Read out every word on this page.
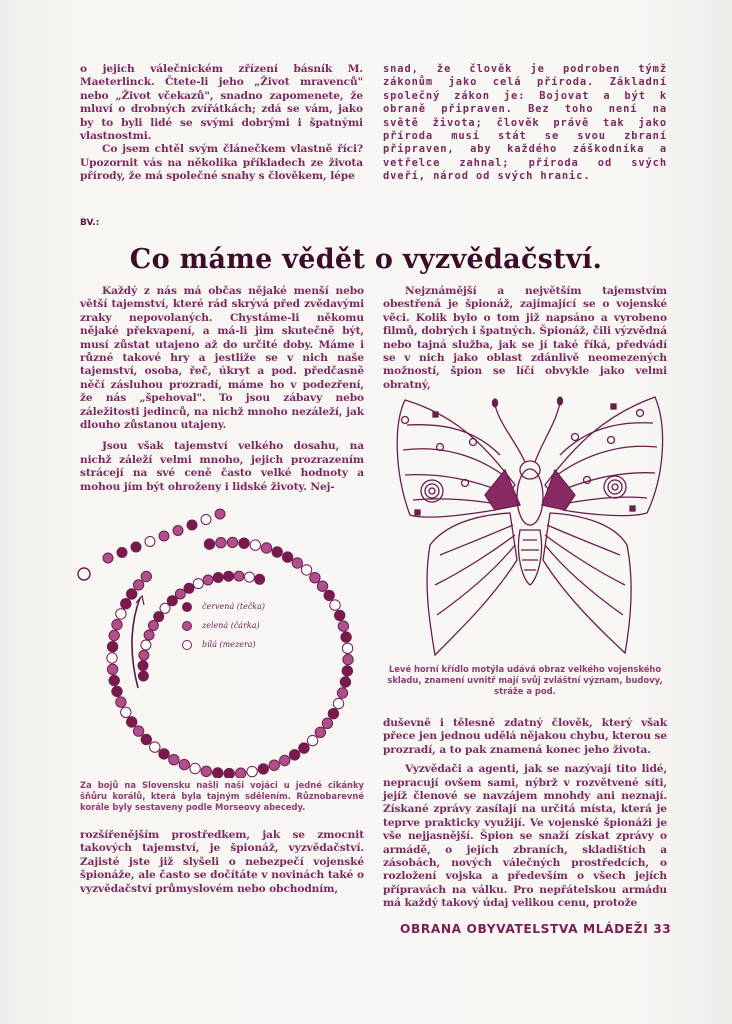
o jejich válečnickém zřízení básník M. Maeterlinck. Čtete-li jeho „Život mravenců" nebo „Život včekazů", snadno zapomenete, že mluví o drobných zvířátkách; zdá se vám, jako by to byli lidé se svými dobrými i špatnými vlastnostmi.

Co jsem chtěl svým článečkem vlastně říci? Upozornit vás na několika příkladech ze života přírody, že má společné snahy s člověkem, lépe

snad, že člověk je podroben týmž zákonům jako celá příroda. Základní společný zákon je: Bojovat a být k obraně připraven. Bez toho není na světě života; člověk právě tak jako příroda musí stát se svou zbraní připraven, aby každého záškodníka a vetřelce zahnal; příroda od svých dveří, národ od svých hranic.

BV.:
Co máme vědět o vyzvědačství.

Každý z nás má občas nějaké menší nebo větší tajemství, které rád skrývá před zvědavými zraky nepovolaných. Chystáme-li někomu nějaké překvapení, a má-li jim skutečně být, musí zůstat utajeno až do určité doby. Máme i různé takové hry a jestliže se v nich naše tajemství, osoba, řeč, úkryt a pod. předčasně něčí zásluhou prozradí, máme ho v podezření, že nás „špehoval". To jsou zábavy nebo záležitosti jedinců, na nichž mnoho nezáleží, jak dlouho zůstanou utajeny.

Jsou však tajemství velkého dosahu, na nichž záleží velmi mnoho, jejich prozrazením strácejí na své ceně často velké hodnoty a mohou jím být ohroženy i lidské životy. Nej-

Nejznámější a největším tajemstvím obestřená je špionáž, zajímající se o vojenské věci. Kolik bylo o tom již napsáno a vyrobeno filmů, dobrých i špatných. Špionáž, čili výzvědná nebo tajná služba, jak se jí také říká, předvádí se v nich jako oblast zdánlivě neomezených možností, špion se líčí obvykle jako velmi obratný,

červená (tečka)
zelená (čárka)
bílá (mezera)
Za bojů na Slovensku našli naši vojáci u jedné cikánky šňůru korálů, která byla tajným sdělením. Různobarevné korále byly sestaveny podle Morseovy abecedy.
Levé horní křídlo motýla udává obraz velkého vojenského skladu, znamení uvnitř mají svůj zvláštní význam, budovy, stráže a pod.

duševně i tělesně zdatný člověk, který však přece jen jednou udělá nějakou chybu, kterou se prozradí, a to pak znamená konec jeho života.

Vyzvědači a agenti, jak se nazývají tito lidé, nepracují ovšem sami, nýbrž v rozvětvené síti, jejíž členové se navzájem mnohdy ani neznají. Získané zprávy zasílají na určitá místa, která je teprve prakticky využijí. Ve vojenské špionáži je vše nejjasnější. Špion se snaží získat zprávy o armádě, o jejích zbraních, skladištích a zásobách, nových válečných prostředcích, o rozložení vojska a především o všech jejích přípravách na válku. Pro nepřátelskou armádu má každý takový údaj velikou cenu, protože

rozšířenějším prostředkem, jak se zmocnit takových tajemství, je špionáž, vyzvědačství. Zajisté jste již slyšeli o nebezpečí vojenské špionáže, ale často se dočítáte v novinách také o vyzvědačství průmyslovém nebo obchodním,

OBRANA OBYVATELSTVA MLÁDEŽI 33
